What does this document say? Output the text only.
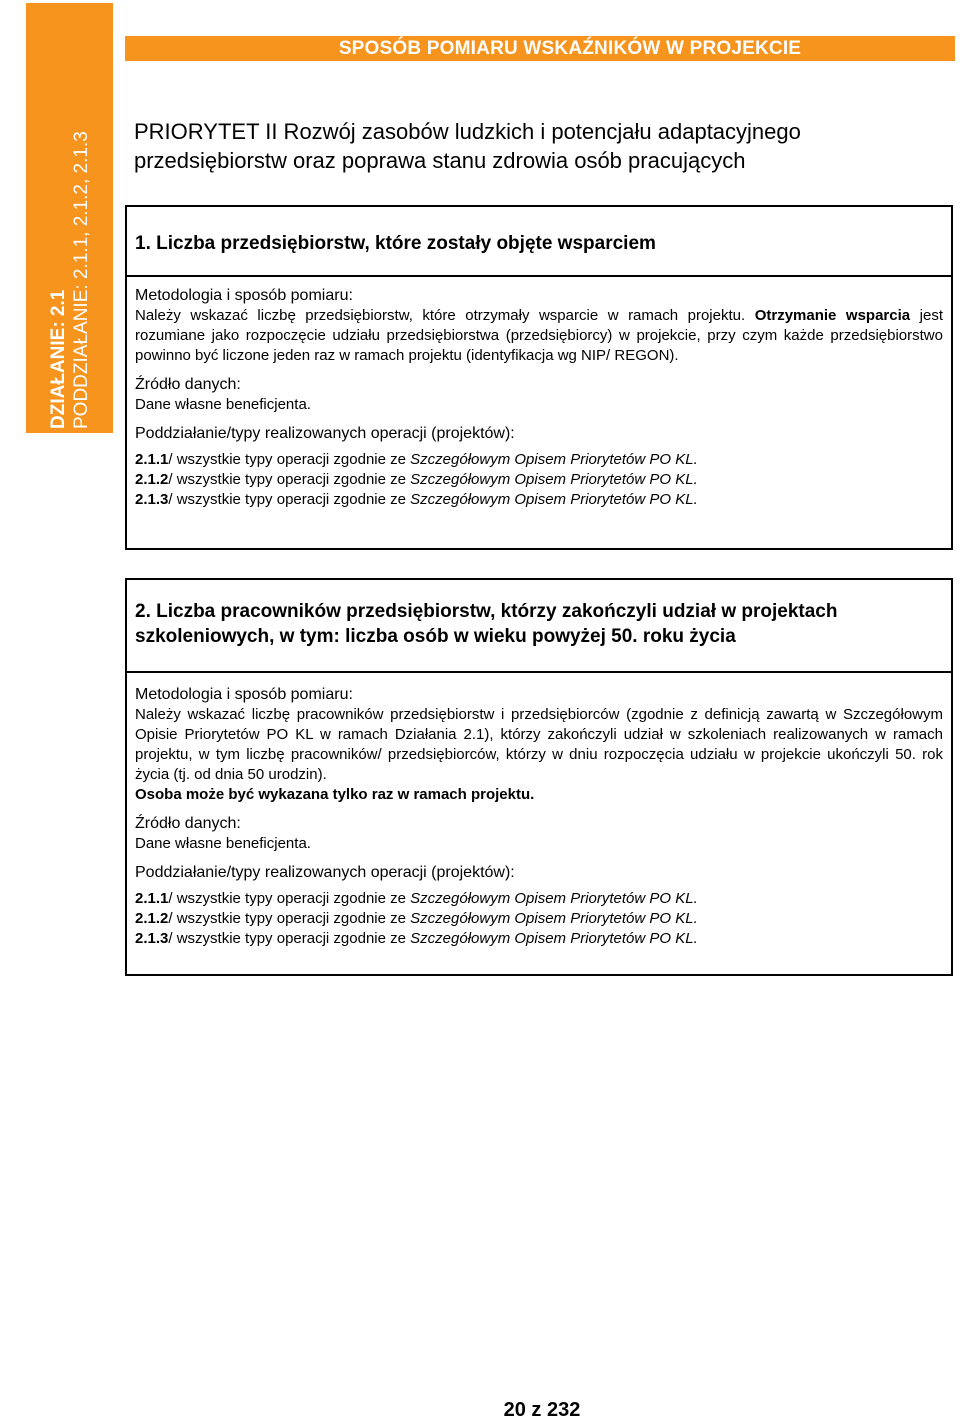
DZIAŁANIE: 2.1 PODDZIAŁANIE: 2.1.1, 2.1.2, 2.1.3
SPOSÓB POMIARU WSKAŹNIKÓW W PROJEKCIE
PRIORYTET II Rozwój zasobów ludzkich i potencjału adaptacyjnego
przedsiębiorstw oraz poprawa stanu zdrowia osób pracujących
1. Liczba przedsiębiorstw, które zostały objęte wsparciem
Metodologia i sposób pomiaru:

Należy wskazać liczbę przedsiębiorstw, które otrzymały wsparcie w ramach projektu. Otrzymanie wsparcia jest rozumiane jako rozpoczęcie udziału przedsiębiorstwa (przedsiębiorcy) w projekcie, przy czym każde przedsiębiorstwo powinno być liczone jeden raz w ramach projektu (identyfikacja wg NIP/ REGON).

Źródło danych:

Dane własne beneficjenta.

Poddziałanie/typy realizowanych operacji (projektów):
2.1.1/ wszystkie typy operacji zgodnie ze Szczegółowym Opisem Priorytetów PO KL.
2.1.2/ wszystkie typy operacji zgodnie ze Szczegółowym Opisem Priorytetów PO KL.
2.1.3/ wszystkie typy operacji zgodnie ze Szczegółowym Opisem Priorytetów PO KL.
2. Liczba pracowników przedsiębiorstw, którzy zakończyli udział w projektach
szkoleniowych, w tym: liczba osób w wieku powyżej 50. roku życia
Metodologia i sposób pomiaru:

Należy wskazać liczbę pracowników przedsiębiorstw i przedsiębiorców (zgodnie z definicją zawartą w Szczegółowym Opisie Priorytetów PO KL w ramach Działania 2.1), którzy zakończyli udział w szkoleniach realizowanych w ramach projektu, w tym liczbę pracowników/ przedsiębiorców, którzy w dniu rozpoczęcia udziału w projekcie ukończyli 50. rok życia (tj. od dnia 50 urodzin).

Osoba może być wykazana tylko raz w ramach projektu.

Źródło danych:

Dane własne beneficjenta.

Poddziałanie/typy realizowanych operacji (projektów):
2.1.1/ wszystkie typy operacji zgodnie ze Szczegółowym Opisem Priorytetów PO KL.
2.1.2/ wszystkie typy operacji zgodnie ze Szczegółowym Opisem Priorytetów PO KL.
2.1.3/ wszystkie typy operacji zgodnie ze Szczegółowym Opisem Priorytetów PO KL.
20 z 232
